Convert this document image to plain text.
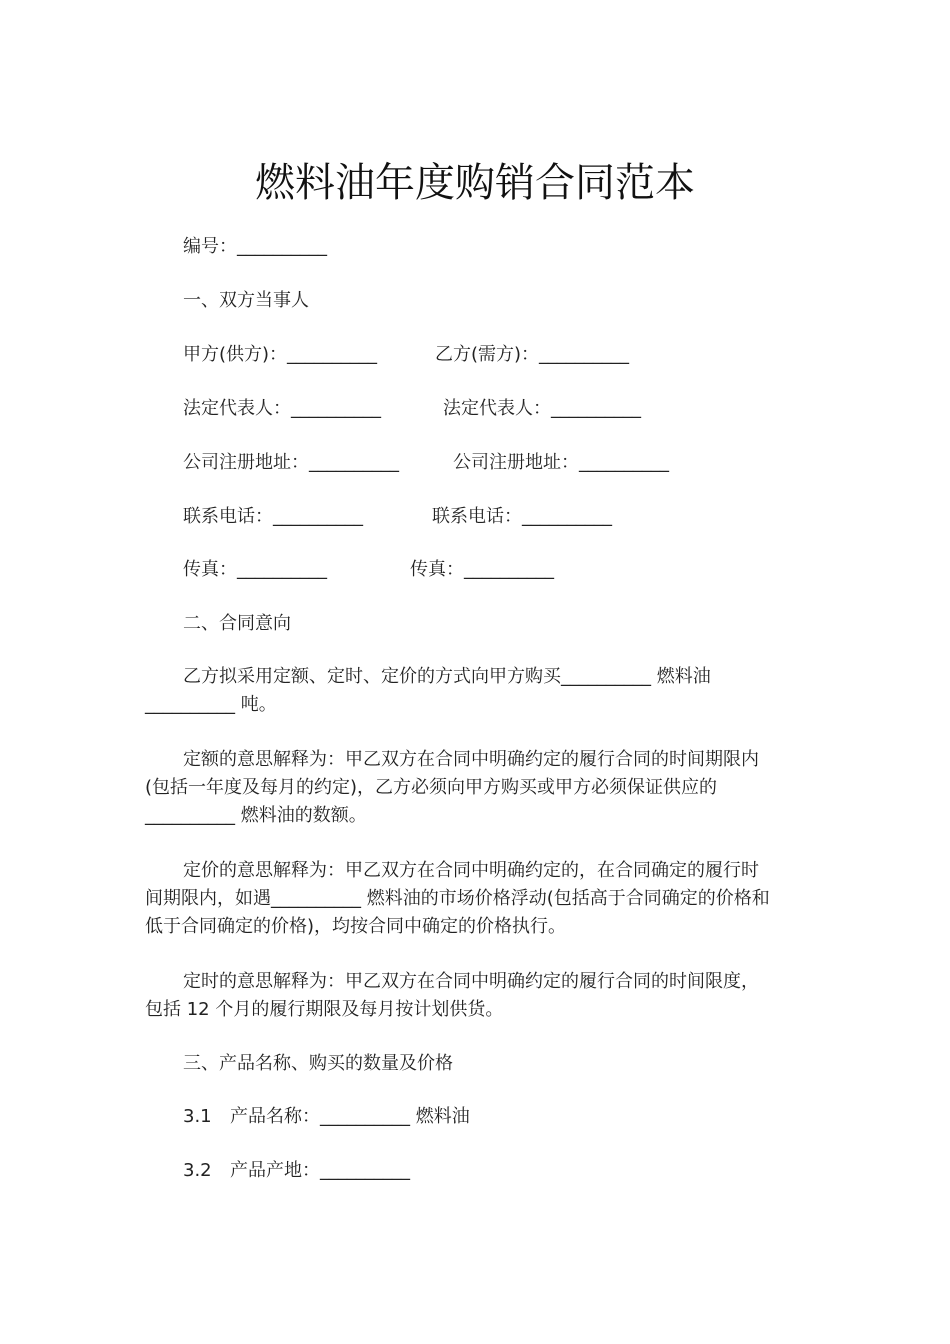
燃料油年度购销合同范本
编号：__________
一、双方当事人
甲方(供方)：__________	乙方(需方)：__________
法定代表人：__________	法定代表人：__________
公司注册地址：__________	公司注册地址：__________
联系电话：__________	联系电话：__________
传真：__________	传真：__________
二、合同意向
乙方拟采用定额、定时、定价的方式向甲方购买__________ 燃料油
__________ 吨。
定额的意思解释为：甲乙双方在合同中明确约定的履行合同的时间期限内
(包括一年度及每月的约定)，乙方必须向甲方购买或甲方必须保证供应的
__________ 燃料油的数额。
定价的意思解释为：甲乙双方在合同中明确约定的，在合同确定的履行时
间期限内，如遇__________ 燃料油的市场价格浮动(包括高于合同确定的价格和
低于合同确定的价格)，均按合同中确定的价格执行。
定时的意思解释为：甲乙双方在合同中明确约定的履行合同的时间限度，
包括 12 个月的履行期限及每月按计划供货。
三、产品名称、购买的数量及价格
3.1 产品名称：__________ 燃料油
3.2 产品产地：__________
